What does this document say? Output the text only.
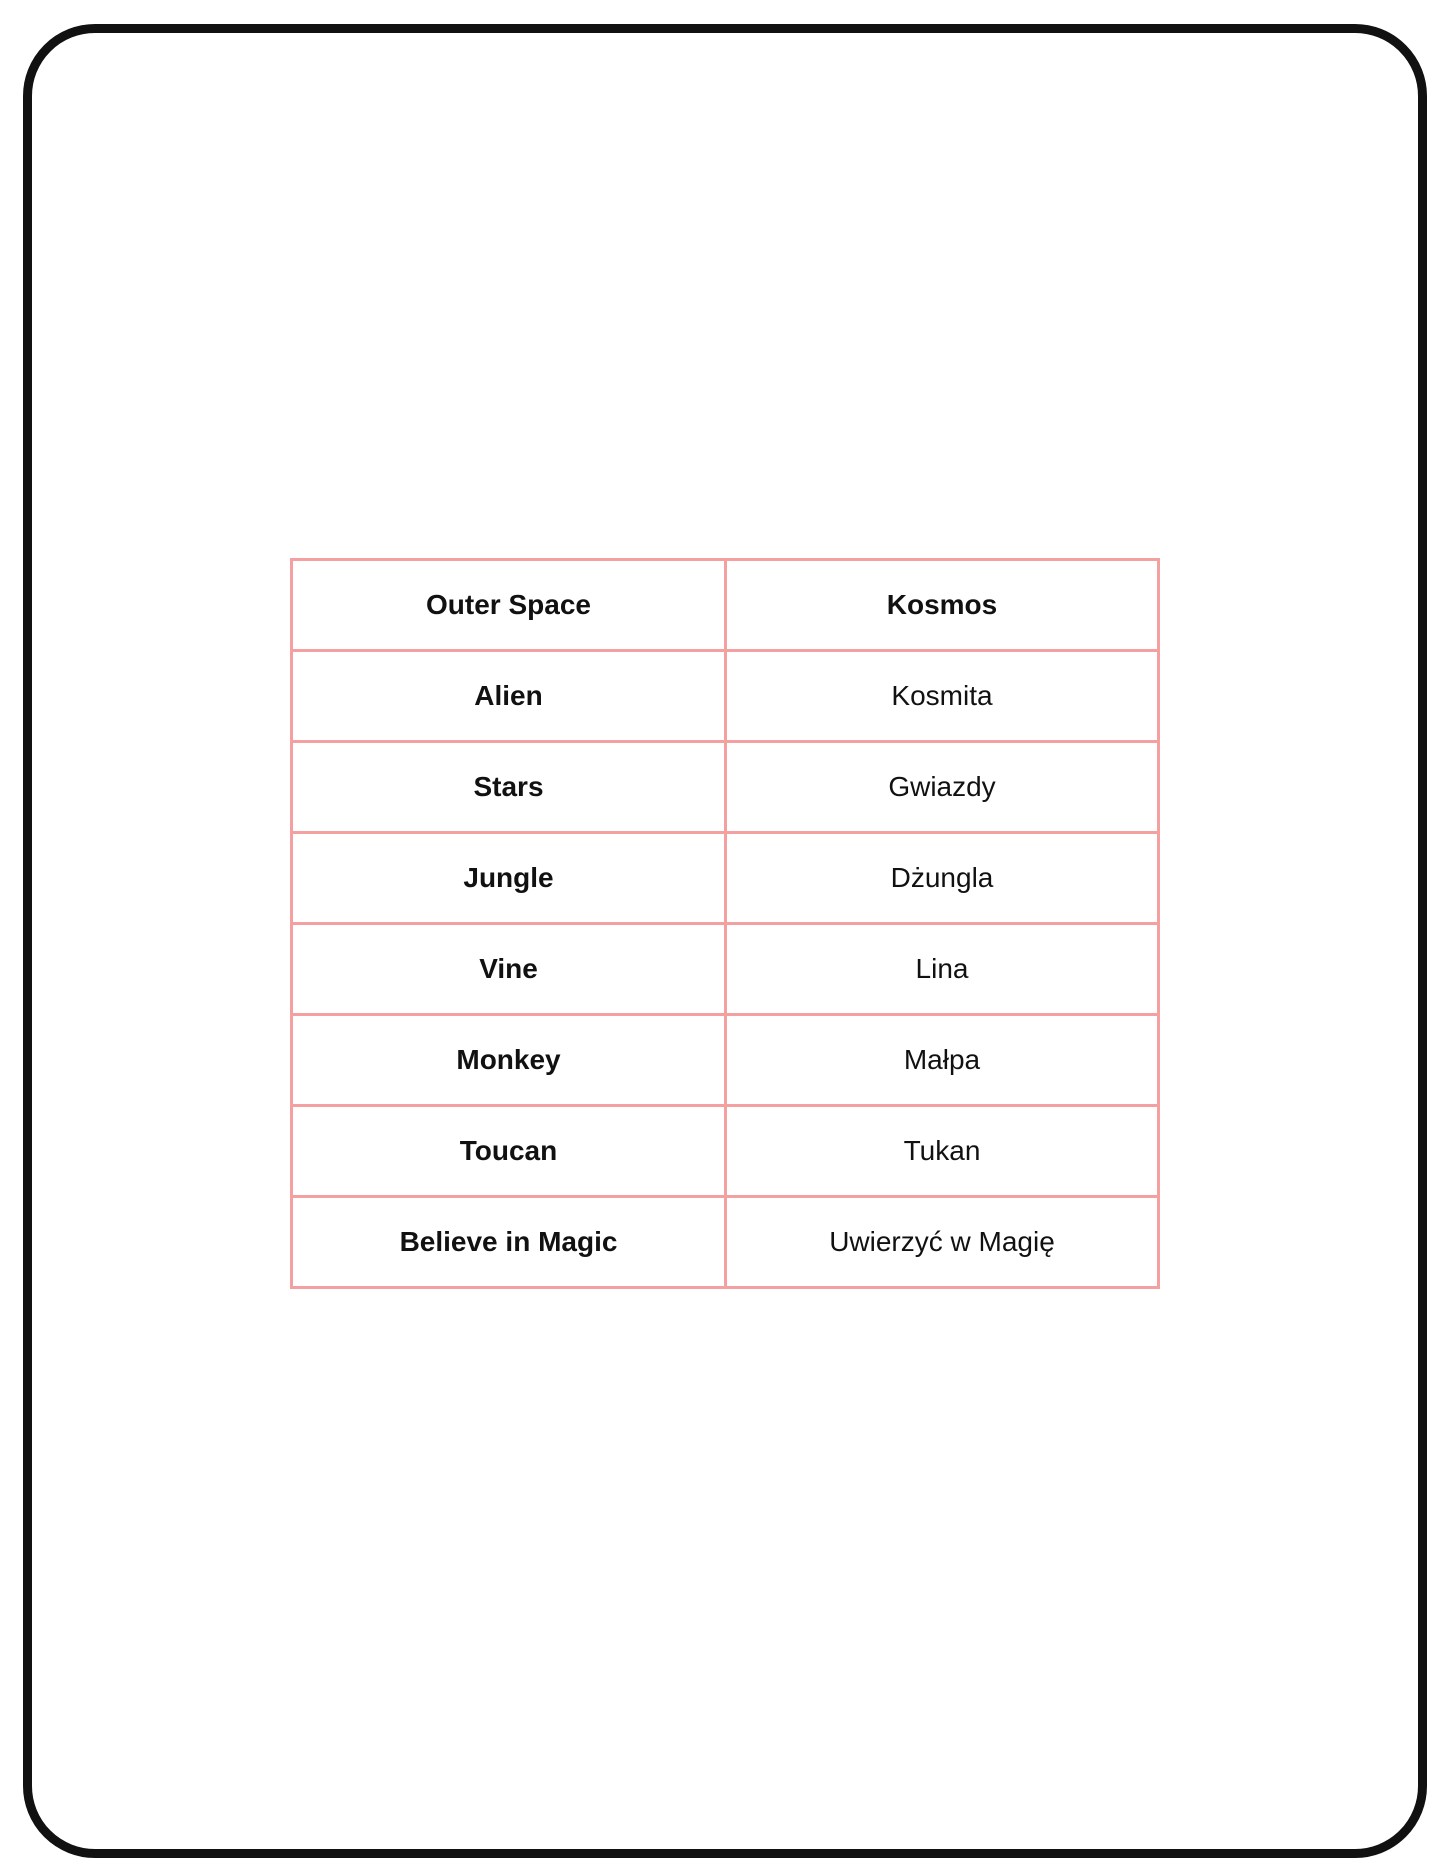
Outer Space	Kosmos
Alien	Kosmita
Stars	Gwiazdy
Jungle	Dżungla
Vine	Lina
Monkey	Małpa
Toucan	Tukan
Believe in Magic	Uwierzyć w Magię
